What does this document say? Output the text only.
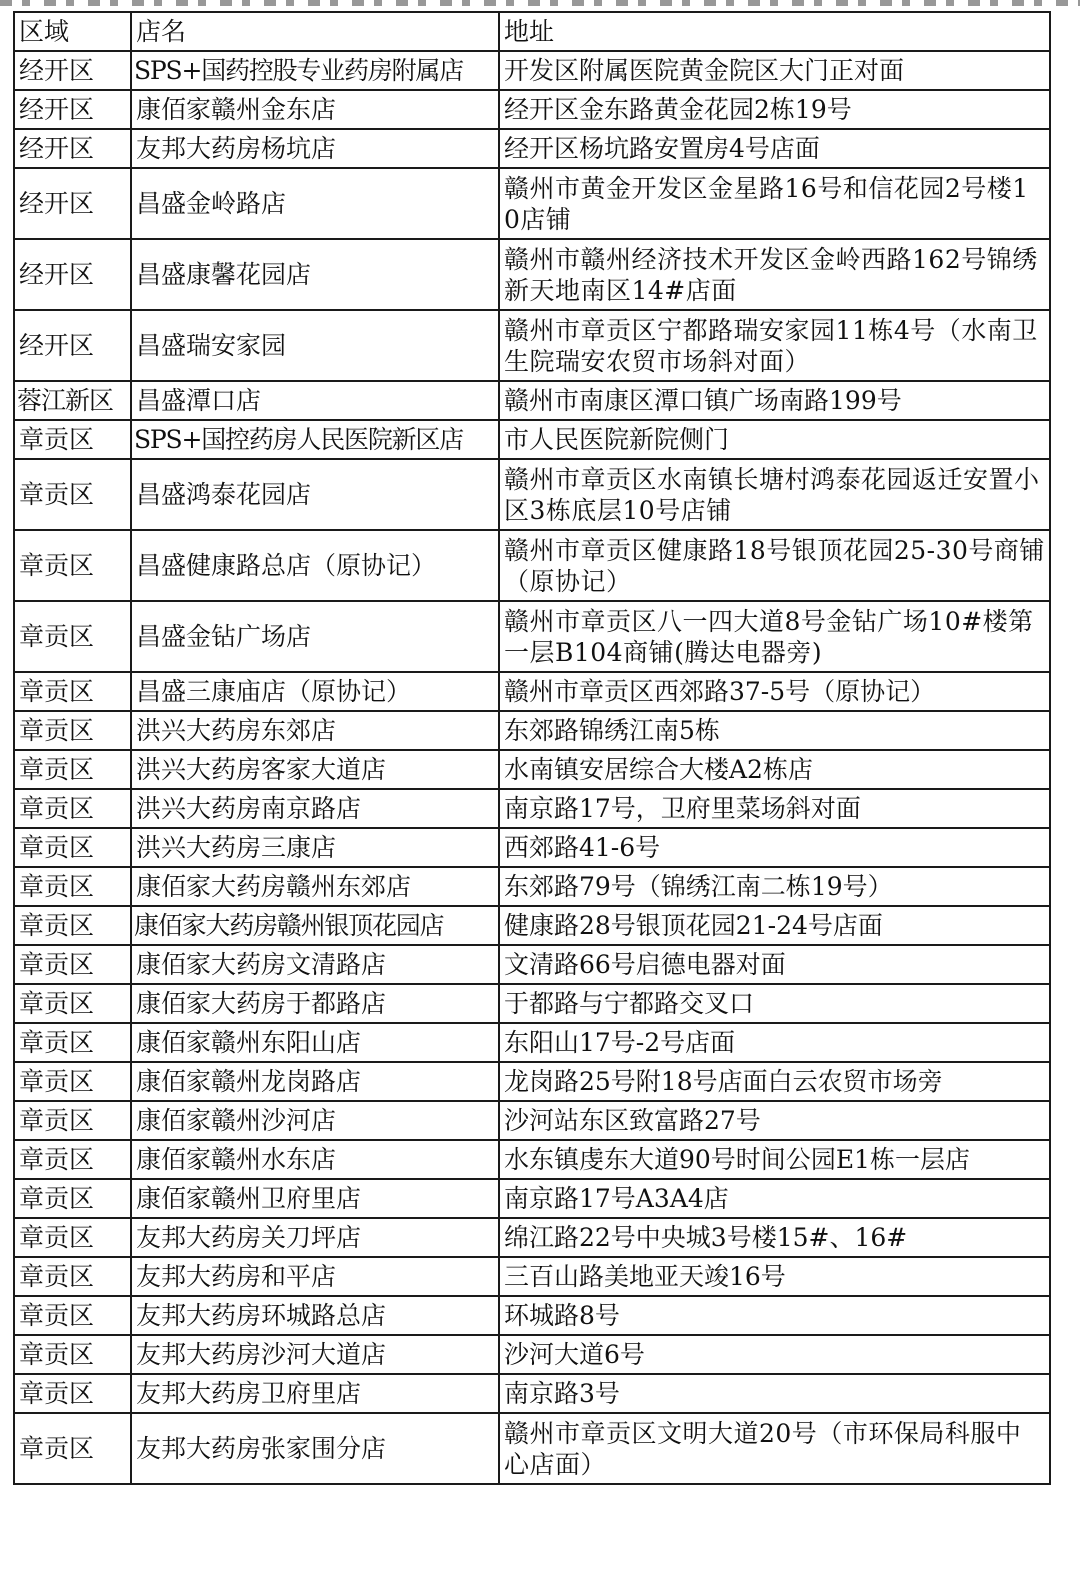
区域	店名	地址
经开区	SPS+国药控股专业药房附属店	开发区附属医院黄金院区大门正对面
经开区	康佰家赣州金东店	经开区金东路黄金花园2栋19号
经开区	友邦大药房杨坑店	经开区杨坑路安置房4号店面
经开区	昌盛金岭路店	赣州市黄金开发区金星路16号和信花园2号楼10店铺
经开区	昌盛康馨花园店	赣州市赣州经济技术开发区金岭西路162号锦绣新天地南区14#店面
经开区	昌盛瑞安家园	赣州市章贡区宁都路瑞安家园11栋4号（水南卫生院瑞安农贸市场斜对面）
蓉江新区	昌盛潭口店	赣州市南康区潭口镇广场南路199号
章贡区	SPS+国控药房人民医院新区店	市人民医院新院侧门
章贡区	昌盛鸿泰花园店	赣州市章贡区水南镇长塘村鸿泰花园返迁安置小区3栋底层10号店铺
章贡区	昌盛健康路总店（原协记）	赣州市章贡区健康路18号银顶花园25-30号商铺（原协记）
章贡区	昌盛金钻广场店	赣州市章贡区八一四大道8号金钻广场10#楼第一层B104商铺(腾达电器旁)
章贡区	昌盛三康庙店（原协记）	赣州市章贡区西郊路37-5号（原协记）
章贡区	洪兴大药房东郊店	东郊路锦绣江南5栋
章贡区	洪兴大药房客家大道店	水南镇安居综合大楼A2栋店
章贡区	洪兴大药房南京路店	南京路17号，卫府里菜场斜对面
章贡区	洪兴大药房三康店	西郊路41-6号
章贡区	康佰家大药房赣州东郊店	东郊路79号（锦绣江南二栋19号）
章贡区	康佰家大药房赣州银顶花园店	健康路28号银顶花园21-24号店面
章贡区	康佰家大药房文清路店	文清路66号启德电器对面
章贡区	康佰家大药房于都路店	于都路与宁都路交叉口
章贡区	康佰家赣州东阳山店	东阳山17号-2号店面
章贡区	康佰家赣州龙岗路店	龙岗路25号附18号店面白云农贸市场旁
章贡区	康佰家赣州沙河店	沙河站东区致富路27号
章贡区	康佰家赣州水东店	水东镇虔东大道90号时间公园E1栋一层店
章贡区	康佰家赣州卫府里店	南京路17号A3A4店
章贡区	友邦大药房关刀坪店	绵江路22号中央城3号楼15#、16#
章贡区	友邦大药房和平店	三百山路美地亚天竣16号
章贡区	友邦大药房环城路总店	环城路8号
章贡区	友邦大药房沙河大道店	沙河大道6号
章贡区	友邦大药房卫府里店	南京路3号
章贡区	友邦大药房张家围分店	赣州市章贡区文明大道20号（市环保局科服中心店面）
